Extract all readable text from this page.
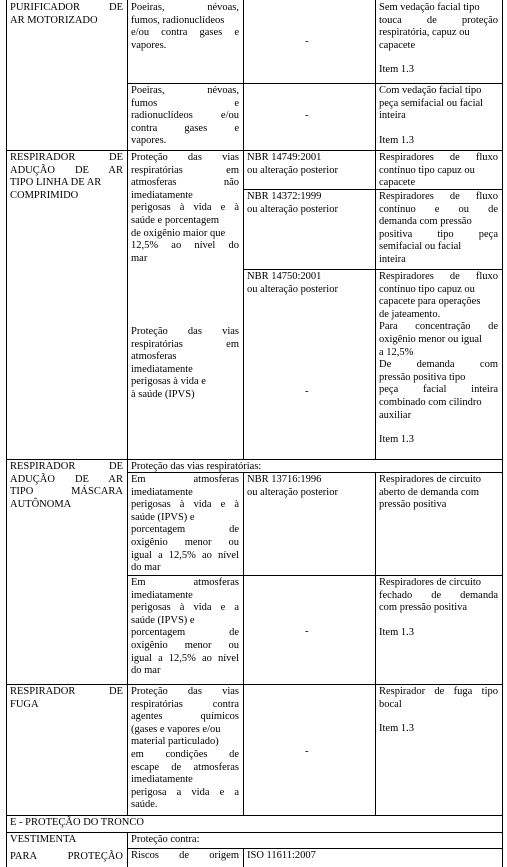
PURIFICADOR DE
AR MOTORIZADO
Poeiras, névoas,
fumos, radionuclídeos
e/ou contra gases e
vapores.	-
Sem vedação facial tipo
touca de proteção
respiratória, capuz ou
capacete
Item 1.3
Poeiras, névoas,
fumos e
radionuclídeos e/ou
contra gases e
vapores.
-
Com vedação facial tipo
peça semifacial ou facial
inteira
Item 1.3
RESPIRADOR DE
ADUÇÃO DE AR
TIPO LINHA DE AR
COMPRIMIDO
Proteção das vias
respiratórias em
atmosferas não
imediatamente
perigosas à vida e à
saúde e porcentagem
de oxigênio maior que
12,5% ao nível do
mar
Proteção das vias
respiratórias em
atmosferas
imediatamente
perigosas à vida e
à saúde (IPVS)
NBR 14749:2001
ou alteração posterior
Respiradores de fluxo
contínuo tipo capuz ou
capacete
NBR 14372:1999
ou alteração posterior
Respiradores de fluxo
contínuo e ou de
demanda com pressão
positiva tipo peça
semifacial ou facial
inteira
NBR 14750:2001
ou alteração posterior
-
Respiradores de fluxo
contínuo tipo capuz ou
capacete para operações
de jateamento.
Para concentração de
oxigênio menor ou igual
a 12,5%
De demanda com
pressão positiva tipo
peça facial inteira
combinado com cilindro
auxiliar
Item 1.3
RESPIRADOR DE
ADUÇÃO DE AR
TIPO MÁSCARA
AUTÔNOMA
Proteção das vias respiratórias:
Em atmosferas
imediatamente
perigosas à vida e à
saúde (IPVS) e
porcentagem de
oxigênio menor ou
igual a 12,5% ao nível
do mar
NBR 13716:1996
ou alteração posterior
Respiradores de circuito
aberto de demanda com
pressão positiva
Em atmosferas
imediatamente
perigosas à vida e a
saúde (IPVS) e
porcentagem de
oxigênio menor ou
igual a 12,5% ao nível
do mar
-
Respiradores de circuito
fechado de demanda
com pressão positiva
Item 1.3
RESPIRADOR DE
FUGA
Proteção das vias
respiratórias contra
agentes químicos
(gases e vapores e/ou
material particulado)
em condições de
escape de atmosferas
imediatamente
perigosa a vida e a
saúde.
-
Respirador de fuga tipo
bocal
Item 1.3
E - PROTEÇÃO DO TRONCO
VESTIMENTA
PARA PROTEÇÃO
Proteção contra:
Riscos de origem ISO 11611:2007
